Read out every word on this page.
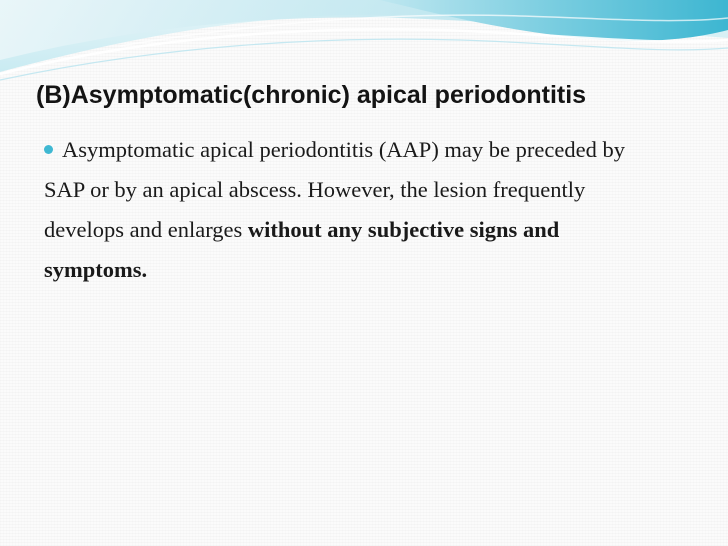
(B)Asymptomatic(chronic) apical periodontitis
Asymptomatic apical periodontitis (AAP) may be preceded by SAP or by an apical abscess. However, the lesion frequently develops and enlarges without any subjective signs and symptoms.
